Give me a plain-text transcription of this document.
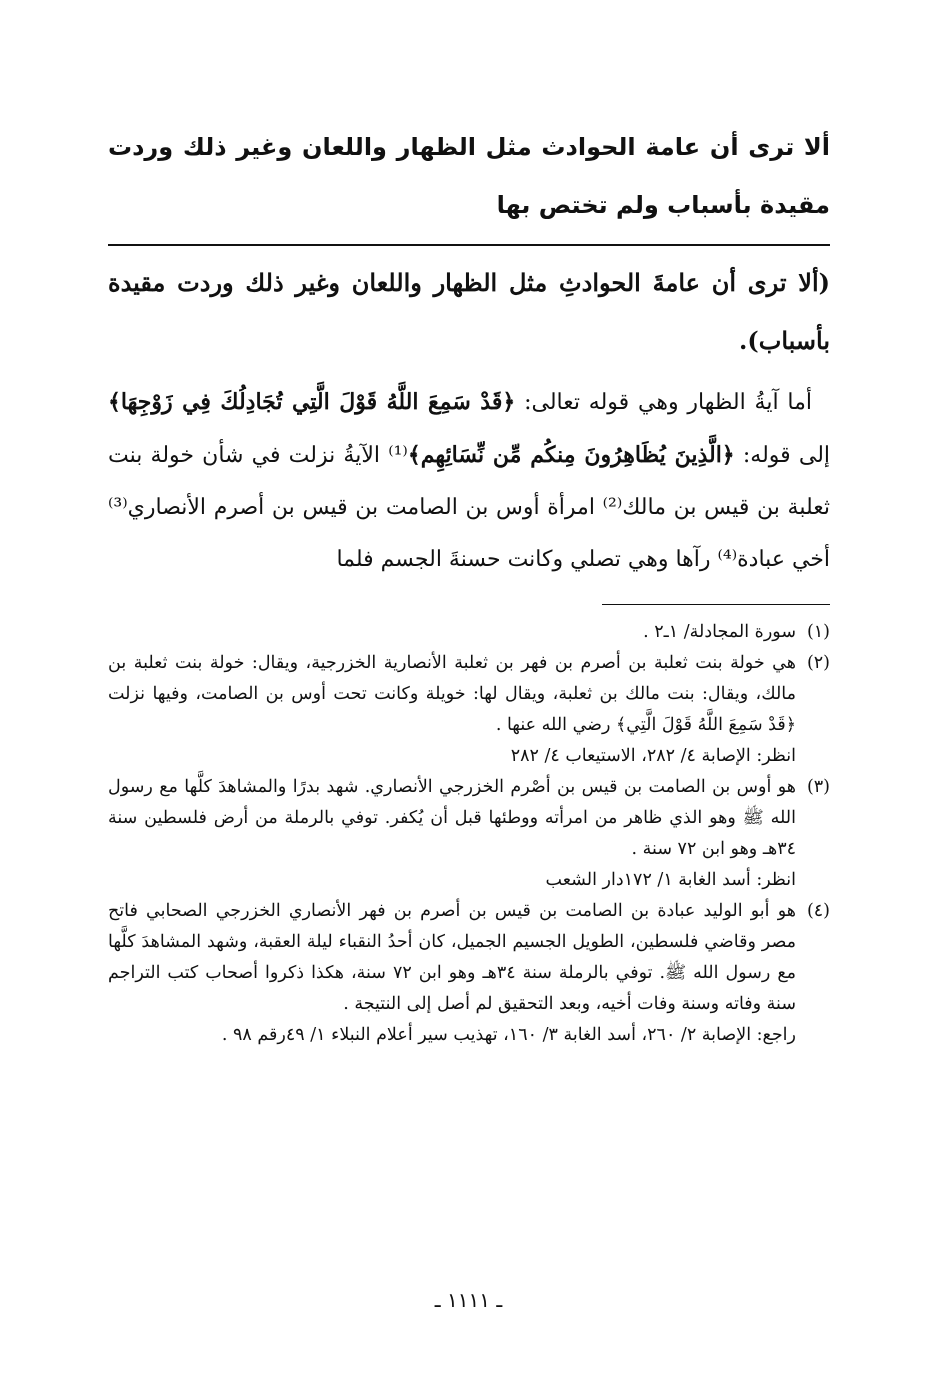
ألا ترى أن عامة الحوادث مثل الظهار واللعان وغير ذلك وردت مقيدة بأسباب ولم تختص بها

(ألا ترى أن عامةَ الحوادثِ مثل الظهار واللعان وغير ذلك وردت مقيدة بأسباب).

أما آيةُ الظهار وهي قوله تعالى: ﴿قَدْ سَمِعَ اللَّهُ قَوْلَ الَّتِي تُجَادِلُكَ فِي زَوْجِهَا﴾ إلى قوله: ﴿الَّذِينَ يُظَاهِرُونَ مِنكُم مِّن نِّسَائِهِم﴾⁽¹⁾ الآيةُ نزلت في شأن خولة بنت ثعلبة بن قيس بن مالك⁽²⁾ امرأة أوس بن الصامت بن قيس بن أصرم الأنصاري⁽³⁾ أخي عبادة⁽⁴⁾ رآها وهي تصلي وكانت حسنةَ الجسم فلما

(١)
سورة المجادلة/ ١ـ٢ .
(٢)
هي خولة بنت ثعلبة بن أصرم بن فهر بن ثعلبة الأنصارية الخزرجية، ويقال: خولة بنت ثعلبة بن مالك، ويقال: بنت مالك بن ثعلبة، ويقال لها: خويلة وكانت تحت أوس بن الصامت، وفيها نزلت ﴿قَدْ سَمِعَ اللَّهُ قَوْلَ الَّتِي﴾ رضي الله عنها .
انظر: الإصابة ٤/ ٢٨٢، الاستيعاب ٤/ ٢٨٢
(٣)
هو أوس بن الصامت بن قيس بن أصْرم الخزرجي الأنصاري. شهد بدرًا والمشاهدَ كلَّها مع رسول الله ﷺ وهو الذي ظاهر من امرأته ووطئها قبل أن يُكفر. توفي بالرملة من أرض فلسطين سنة ٣٤هـ وهو ابن ٧٢ سنة .
انظر: أسد الغابة ١/ ١٧٢دار الشعب
(٤)
هو أبو الوليد عبادة بن الصامت بن قيس بن أصرم بن فهر الأنصاري الخزرجي الصحابي فاتح مصر وقاضي فلسطين، الطويل الجسيم الجميل، كان أحدُ النقباء ليلة العقبة، وشهد المشاهدَ كلَّها مع رسول الله ﷺ. توفي بالرملة سنة ٣٤هـ وهو ابن ٧٢ سنة، هكذا ذكروا أصحاب كتب التراجم سنة وفاته وسنة وفات أخيه، وبعد التحقيق لم أصل إلى النتيجة .
راجع: الإصابة ٢/ ٢٦٠، أسد الغابة ٣/ ١٦٠، تهذيب سير أعلام النبلاء ١/ ٤٩رقم ٩٨ .
ـ ١١١١ ـ
